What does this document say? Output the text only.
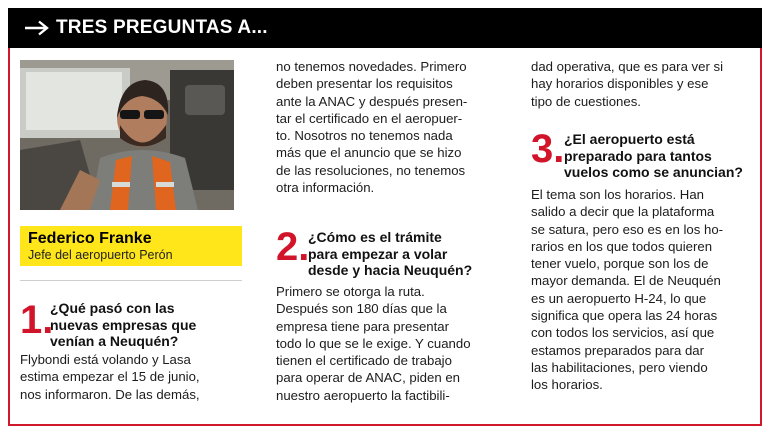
TRES PREGUNTAS A...
Federico Franke
Jefe del aeropuerto Perón
1.
¿Qué pasó con las
nuevas empresas que
venían a Neuquén?
Flybondi está volando y Lasa
estima empezar el 15 de junio,
nos informaron. De las demás,
no tenemos novedades. Primero
deben presentar los requisitos
ante la ANAC y después presen-
tar el certificado en el aeropuer-
to. Nosotros no tenemos nada
más que el anuncio que se hizo
de las resoluciones, no tenemos
otra información.
2.
¿Cómo es el trámite
para empezar a volar
desde y hacia Neuquén?
Primero se otorga la ruta.
Después son 180 días que la
empresa tiene para presentar
todo lo que se le exige. Y cuando
tienen el certificado de trabajo
para operar de ANAC, piden en
nuestro aeropuerto la factibili-
dad operativa, que es para ver si
hay horarios disponibles y ese
tipo de cuestiones.
3. ¿El aeropuerto está
preparado para tantos
vuelos como se anuncian?
El tema son los horarios. Han
salido a decir que la plataforma
se satura, pero eso es en los ho-
rarios en los que todos quieren
tener vuelo, porque son los de
mayor demanda. El de Neuquén
es un aeropuerto H-24, lo que
significa que opera las 24 horas
con todos los servicios, así que
estamos preparados para dar
las habilitaciones, pero viendo
los horarios.
